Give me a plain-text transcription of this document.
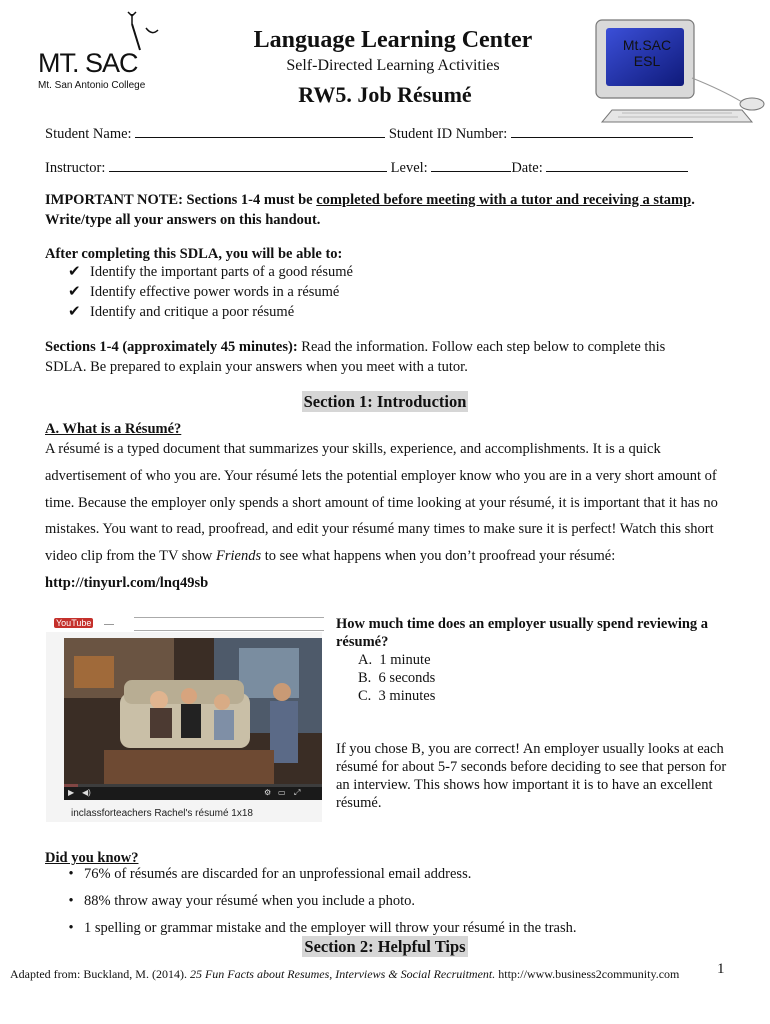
MT. SAC
Mt. San Antonio College
Language Learning Center
Self-Directed Learning Activities
RW5. Job Résumé
Mt.SAC ESL
Student Name:	Student ID Number:
Instructor:	Level:	Date:
IMPORTANT NOTE: Sections 1-4 must be completed before meeting with a tutor and receiving a stamp.
Write/type all your answers on this handout.
After completing this SDLA, you will be able to:
✔ Identify the important parts of a good résumé
✔ Identify effective power words in a résumé
✔ Identify and critique a poor résumé
Sections 1-4 (approximately 45 minutes): Read the information. Follow each step below to complete this
SDLA. Be prepared to explain your answers when you meet with a tutor.
Section 1: Introduction
A. What is a Résumé?
A résumé is a typed document that summarizes your skills, experience, and accomplishments. It is a quick advertisement of who you are. Your résumé lets the potential employer know who you are in a very short amount of time. Because the employer only spends a short amount of time looking at your résumé, it is important that it has no mistakes. You want to read, proofread, and edit your résumé many times to make sure it is perfect! Watch this short video clip from the TV show Friends to see what happens when you don’t proofread your résumé: http://tinyurl.com/lnq49sb
YouTube
▶ ◀)	⚙ ▭ ⤢
inclassforteachers Rachel's résumé 1x18
How much time does an employer usually spend reviewing a résumé?
A. 1 minute
B. 6 seconds
C. 3 minutes
If you chose B, you are correct! An employer usually looks at each résumé for about 5-7 seconds before deciding to see that person for an interview. This shows how important it is to have an excellent résumé.
Did you know?
• 76% of résumés are discarded for an unprofessional email address.
• 88% throw away your résumé when you include a photo.
• 1 spelling or grammar mistake and the employer will throw your résumé in the trash.
Section 2: Helpful Tips
Adapted from: Buckland, M. (2014). 25 Fun Facts about Resumes, Interviews & Social Recruitment. http://www.business2community.com	1
